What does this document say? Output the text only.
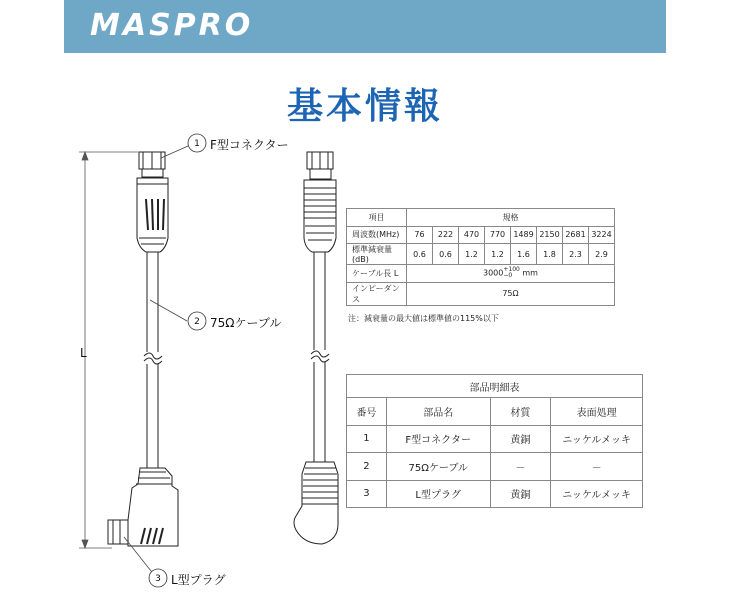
MASPRO
基本情報
L
1
2
3
F型コネクター
75Ωケーブル
L型プラグ
項目	規格							
周波数(MHz)	76	222	470	770	1489	2150	2681	3224
標準減衰量(dB)	0.6	0.6	1.2	1.2	1.6	1.8	2.3	2.9
ケーブル長 L	3000+100
−0 mm							
インピーダンス	75Ω							
注：減衰量の最大値は標準値の115%以下
部品明細表			
番号	部品名	材質	表面処理
1	F型コネクター	黄銅	ニッケルメッキ
2	75Ωケーブル	－	－
3	L型プラグ	黄銅	ニッケルメッキ
